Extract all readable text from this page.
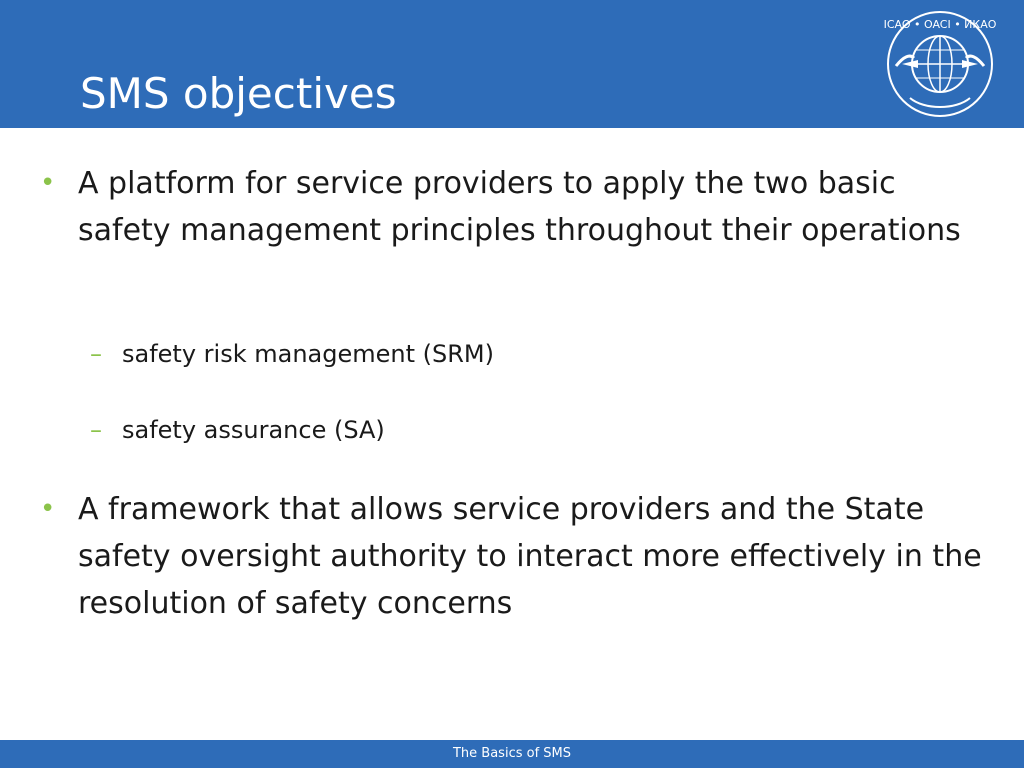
SMS objectives
ICAO • OACI • ИКАО
• A platform for service providers to apply the two basic safety management principles throughout their operations
– safety risk management (SRM)
– safety assurance (SA)
• A framework that allows service providers and the State safety oversight authority to interact more effectively in the resolution of safety concerns
The Basics of SMS
